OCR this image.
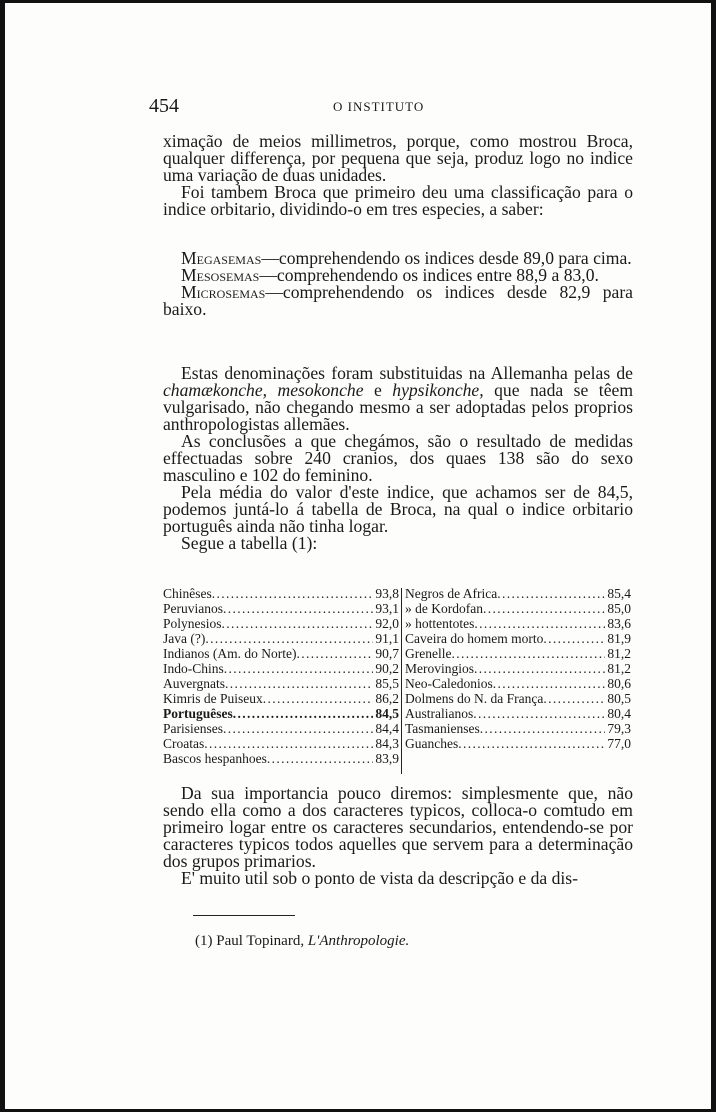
454	O INSTITUTO

ximação de meios millimetros, porque, como mostrou Broca, qualquer differença, por pequena que seja, produz logo no indice uma variação de duas unidades.

Foi tambem Broca que primeiro deu uma classificação para o indice orbitario, dividindo-o em tres especies, a saber:

Megasemas—comprehendendo os indices desde 89,0 para cima.

Mesosemas—comprehendendo os indices entre 88,9 a 83,0.

Microsemas—comprehendendo os indices desde 82,9 para baixo.

Estas denominações foram substituidas na Allemanha pelas de chamækonche, mesokonche e hypsikonche, que nada se têem vulgarisado, não chegando mesmo a ser adoptadas pelos proprios anthropologistas allemães.

As conclusões a que chegámos, são o resultado de medidas effectuadas sobre 240 cranios, dos quaes 138 são do sexo masculino e 102 do feminino.

Pela média do valor d'este indice, que achamos ser de 84,5, podemos juntá-lo á tabella de Broca, na qual o indice orbitario português ainda não tinha logar.

Segue a tabella (1):

Chinêses . . .	93,8
Peruvianos . . .	93,1
Polynesios . . .	92,0
Java (?) . . .	91,1
Indianos (Am. do Norte) . . .	90,7
Indo-Chins . . .	90,2
Auvergnats . . .	85,5
Kimris de Puiseux . . .	86,2
Portuguêses . . .	84,5
Parisienses . . .	84,4
Croatas . . .	84,3
Bascos hespanhoes . . .	83,9
Negros de Africa . . .	85,4
» de Kordofan . . .	85,0
» hottentotes . . .	83,6
Caveira do homem morto . . .	81,9
Grenelle . . .	81,2
Merovingios . . .	81,2
Neo-Caledonios . . .	80,6
Dolmens do N. da França . . .	80,5
Australianos . . .	80,4
Tasmanienses . . .	79,3
Guanches . . .	77,0

Da sua importancia pouco diremos: simplesmente que, não sendo ella como a dos caracteres typicos, colloca-o comtudo em primeiro logar entre os caracteres secundarios, entendendo-se por caracteres typicos todos aquelles que servem para a determinação dos grupos primarios.

E' muito util sob o ponto de vista da descripção e da dis-

(1) Paul Topinard, L'Anthropologie.
